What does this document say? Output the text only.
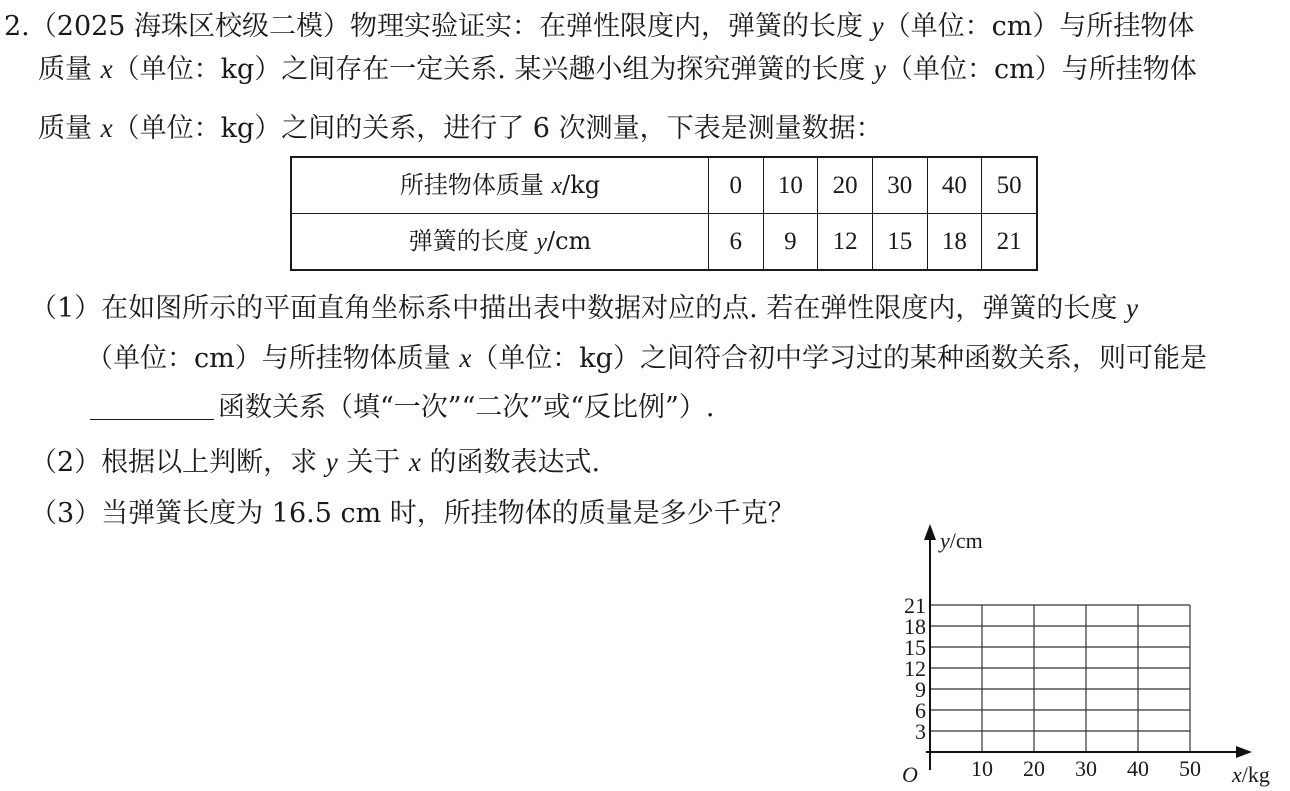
2.（2025 海珠区校级二模）物理实验证实：在弹性限度内，弹簧的长度 y（单位：cm）与所挂物体
质量 x（单位：kg）之间存在一定关系. 某兴趣小组为探究弹簧的长度 y（单位：cm）与所挂物体
质量 x（单位：kg）之间的关系，进行了 6 次测量，下表是测量数据：
所挂物体质量 x/kg	0	10	20	30	40	50
弹簧的长度 y/cm	6	9	12	15	18	21
（1）在如图所示的平面直角坐标系中描出表中数据对应的点. 若在弹性限度内，弹簧的长度 y
（单位：cm）与所挂物体质量 x（单位：kg）之间符合初中学习过的某种函数关系，则可能是
函数关系（填“一次”“二次”或“反比例”）.
（2）根据以上判断，求 y 关于 x 的函数表达式.
（3）当弹簧长度为 16.5 cm 时，所挂物体的质量是多少千克？
3
6
9
12
15
18
21
10 20 30 40 50
O
y/cm
x/kg
